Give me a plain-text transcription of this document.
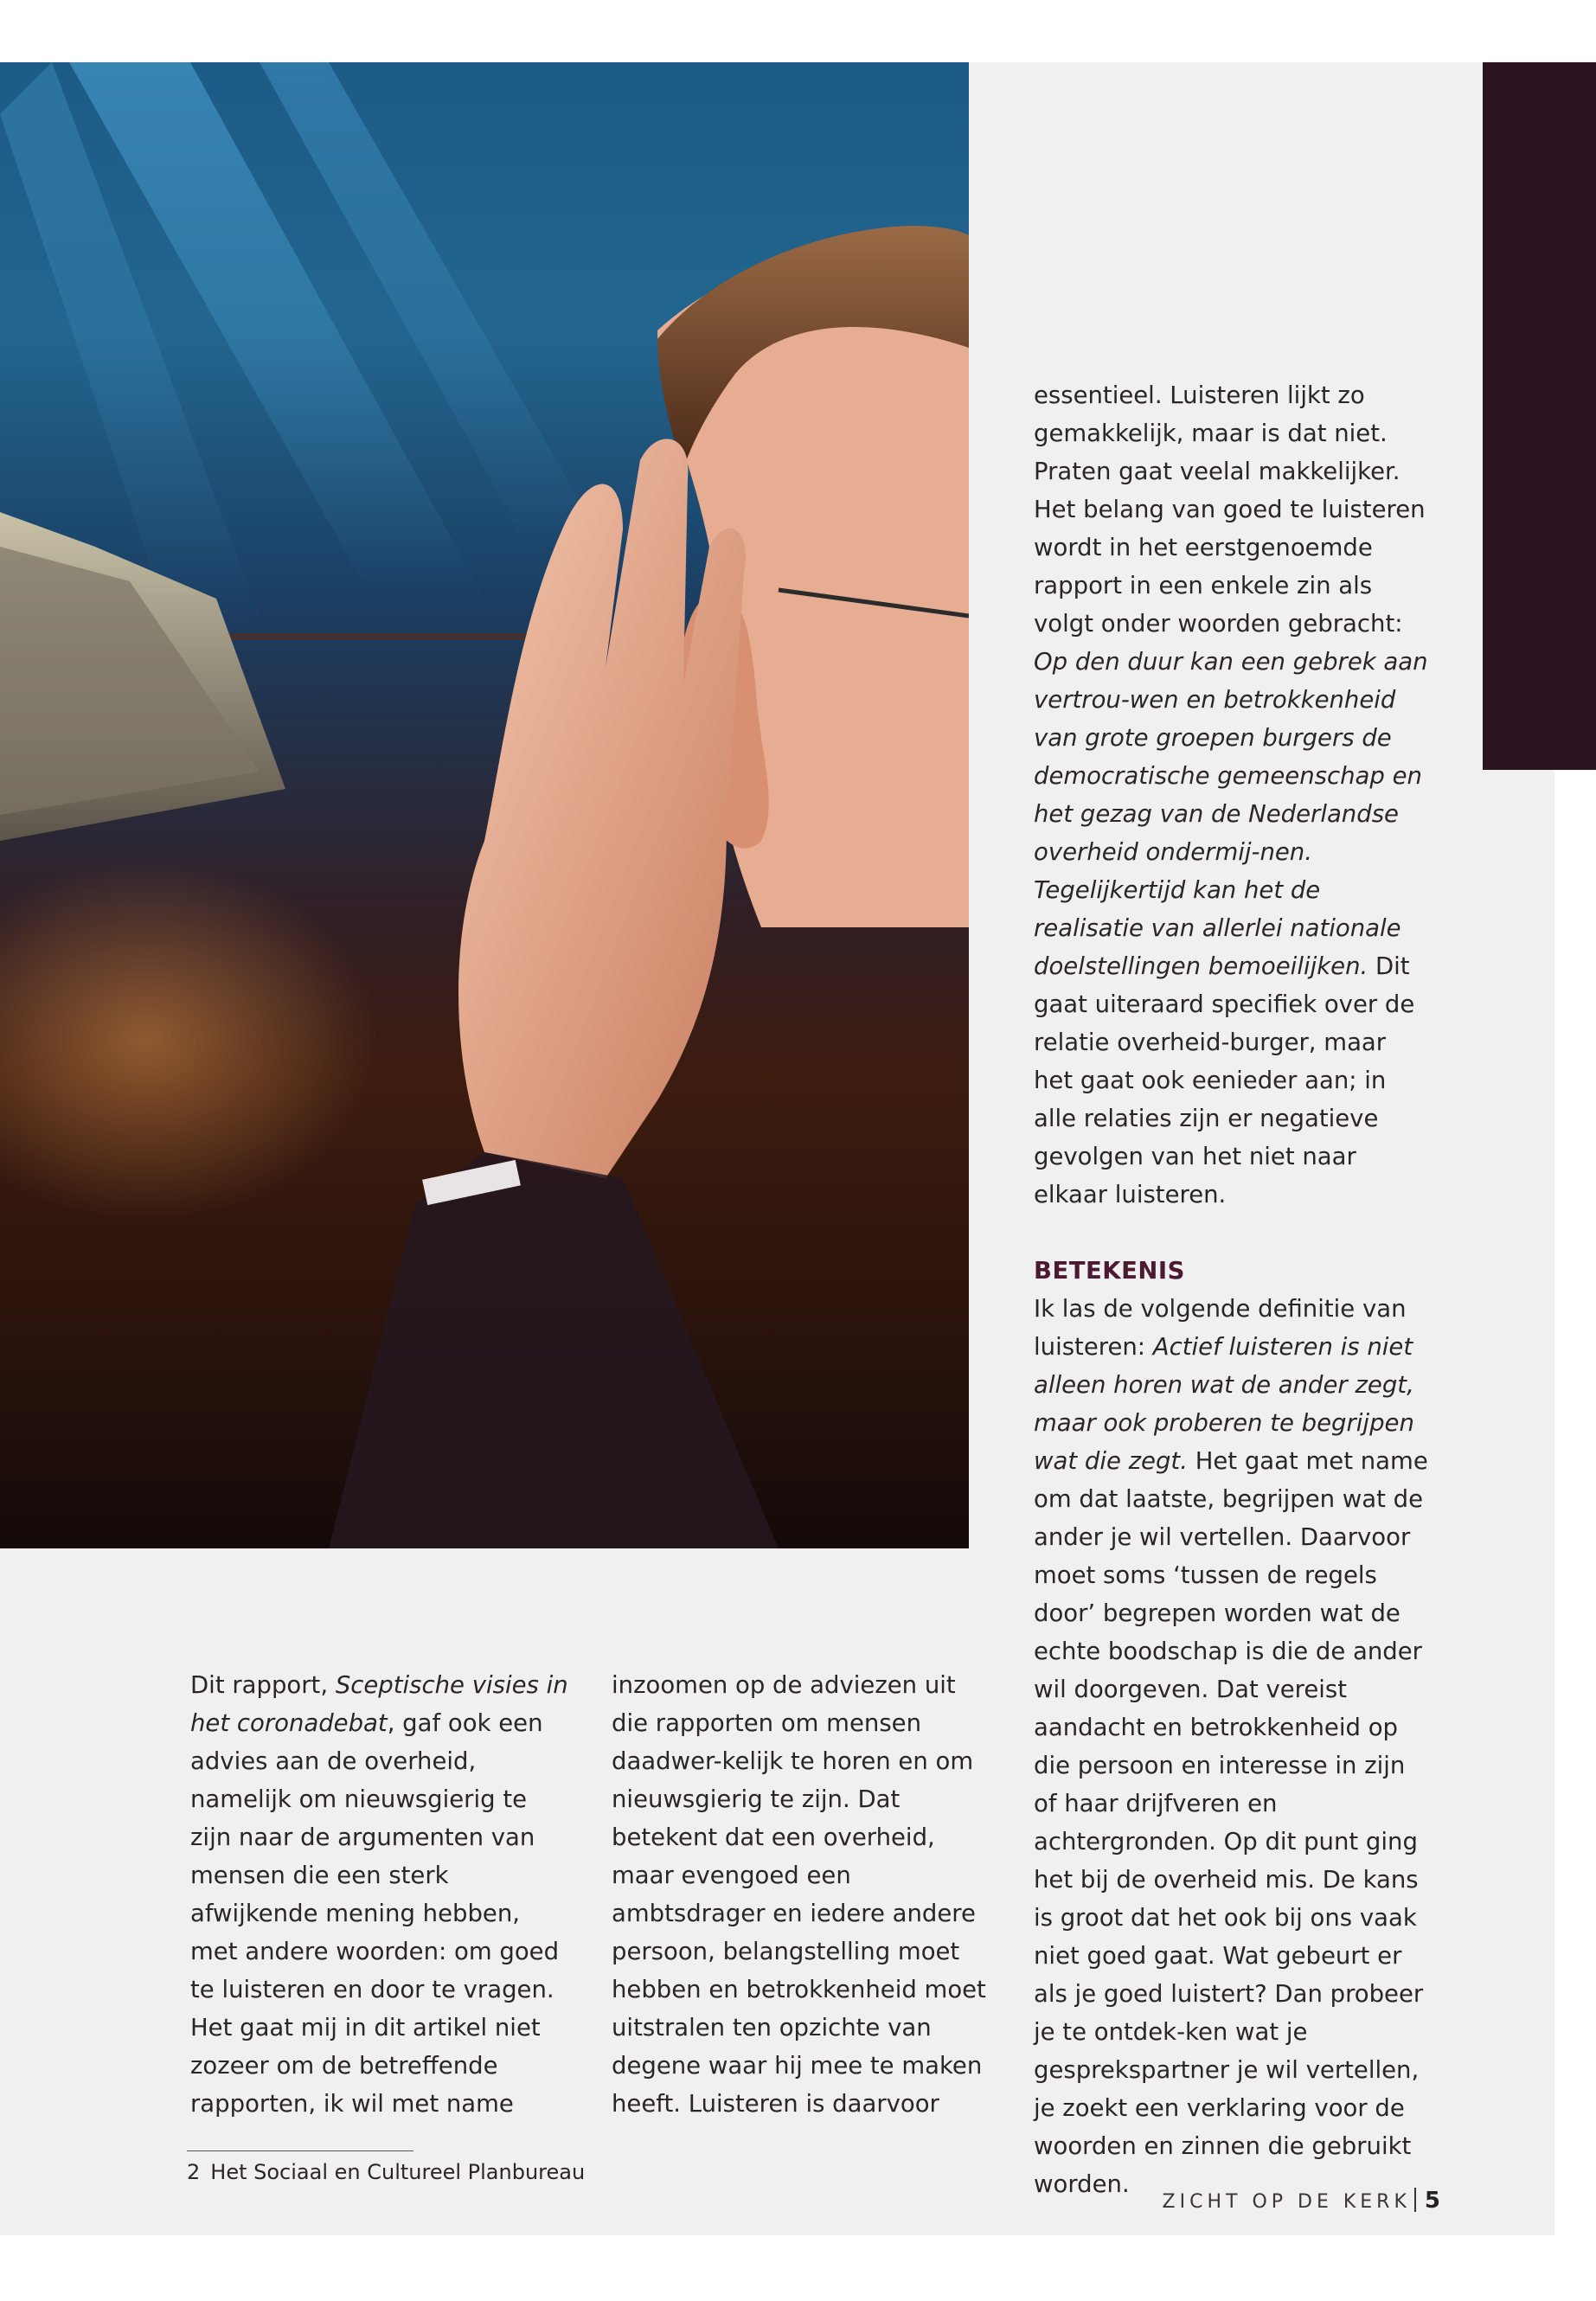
essentieel. Luisteren lijkt zo gemakkelijk, maar is dat niet. Praten gaat veelal makkelijker. Het belang van goed te luisteren wordt in het eerstgenoemde rapport in een enkele zin als volgt onder woorden gebracht: Op den duur kan een gebrek aan vertrou-wen en betrokkenheid van grote groepen burgers de democratische gemeenschap en het gezag van de Nederlandse overheid ondermij-nen. Tegelijkertijd kan het de realisatie van allerlei nationale doelstellingen bemoeilijken. Dit gaat uiteraard specifiek over de relatie overheid-burger, maar het gaat ook eenieder aan; in alle relaties zijn er negatieve gevolgen van het niet naar elkaar luisteren.

BETEKENIS

Ik las de volgende definitie van luisteren: Actief luisteren is niet alleen horen wat de ander zegt, maar ook proberen te begrijpen wat die zegt. Het gaat met name om dat laatste, begrijpen wat de ander je wil vertellen. Daarvoor moet soms ‘tussen de regels door’ begrepen worden wat de echte boodschap is die de ander wil doorgeven. Dat vereist aandacht en betrokkenheid op die persoon en interesse in zijn of haar drijfveren en achtergronden. Op dit punt ging het bij de overheid mis. De kans is groot dat het ook bij ons vaak niet goed gaat. Wat gebeurt er als je goed luistert? Dan probeer je te ontdek-ken wat je gesprekspartner je wil vertellen, je zoekt een verklaring voor de woorden en zinnen die gebruikt worden.

Dit rapport, Sceptische visies in het coronadebat, gaf ook een advies aan de overheid, namelijk om nieuwsgierig te zijn naar de argumenten van mensen die een sterk afwijkende mening hebben, met andere woorden: om goed te luisteren en door te vragen.

Het gaat mij in dit artikel niet zozeer om de betreffende rapporten, ik wil met name

inzoomen op de adviezen uit die rapporten om mensen daadwer-kelijk te horen en om nieuwsgierig te zijn. Dat betekent dat een overheid, maar evengoed een ambtsdrager en iedere andere persoon, belangstelling moet hebben en betrokkenheid moet uitstralen ten opzichte van degene waar hij mee te maken heeft. Luisteren is daarvoor

2 Het Sociaal en Cultureel Planbureau
ZICHT OP DE KERK 5
